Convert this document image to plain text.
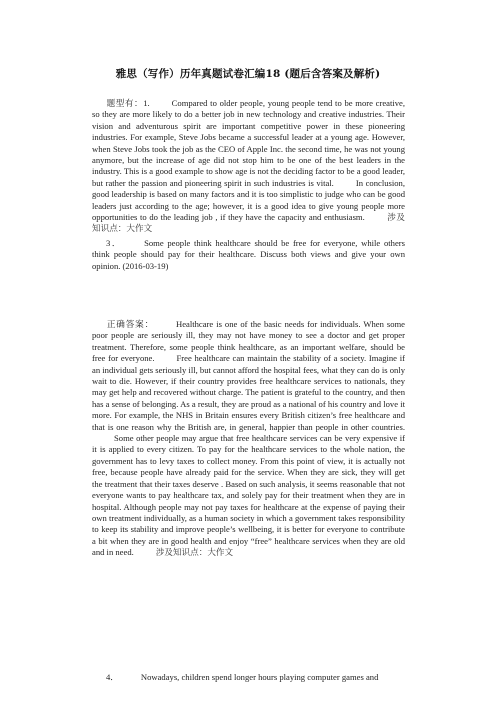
雅思（写作）历年真题试卷汇编18 (题后含答案及解析)
题型有：1.	Compared to older people, young people tend to be more creative, so they are more likely to do a better job in new technology and creative industries. Their vision and adventurous spirit are important competitive power in these pioneering industries. For example, Steve Jobs became a successful leader at a young age. However, when Steve Jobs took the job as the CEO of Apple Inc. the second time, he was not young anymore, but the increase of age did not stop him to be one of the best leaders in the industry. This is a good example to show age is not the deciding factor to be a good leader, but rather the passion and pioneering spirit in such industries is vital.	In conclusion, good leadership is based on many factors and it is too simplistic to judge who can be good leaders just according to the age; however, it is a good idea to give young people more opportunities to do the leading job , if they have the capacity and enthusiasm.	涉及知识点：大作文
3．	Some people think healthcare should be free for everyone, while others think people should pay for their healthcare. Discuss both views and give your own opinion. (2016-03-19)
正确答案：	Healthcare is one of the basic needs for individuals. When some poor people are seriously ill, they may not have money to see a doctor and get proper treatment. Therefore, some people think healthcare, as an important welfare, should be free for everyone.	Free healthcare can maintain the stability of a society. Imagine if an individual gets seriously ill, but cannot afford the hospital fees, what they can do is only wait to die. However, if their country provides free healthcare services to nationals, they may get help and recovered without charge. The patient is grateful to the country, and then has a sense of belonging. As a result, they are proud as a national of his country and love it more. For example, the NHS in Britain ensures every British citizen’s free healthcare and that is one reason why the British are, in general, happier than people in other countries.Some other people may argue that free healthcare services can be very expensive if it is applied to every citizen. To pay for the healthcare services to the whole nation, the government has to levy taxes to collect money. From this point of view, it is actually not free, because people have already paid for the service. When they are sick, they will get the treatment that their taxes deserve . Based on such analysis, it seems reasonable that not everyone wants to pay healthcare tax, and solely pay for their treatment when they are in hospital. Although people may not pay taxes for healthcare at the expense of paying their own treatment individually, as a human society in which a government takes responsibility to keep its stability and improve people’s wellbeing, it is better for everyone to contribute a bit when they are in good health and enjoy “free” healthcare services when they are old and in need.	涉及知识点：大作文
4．	Nowadays, children spend longer hours playing computer games and
